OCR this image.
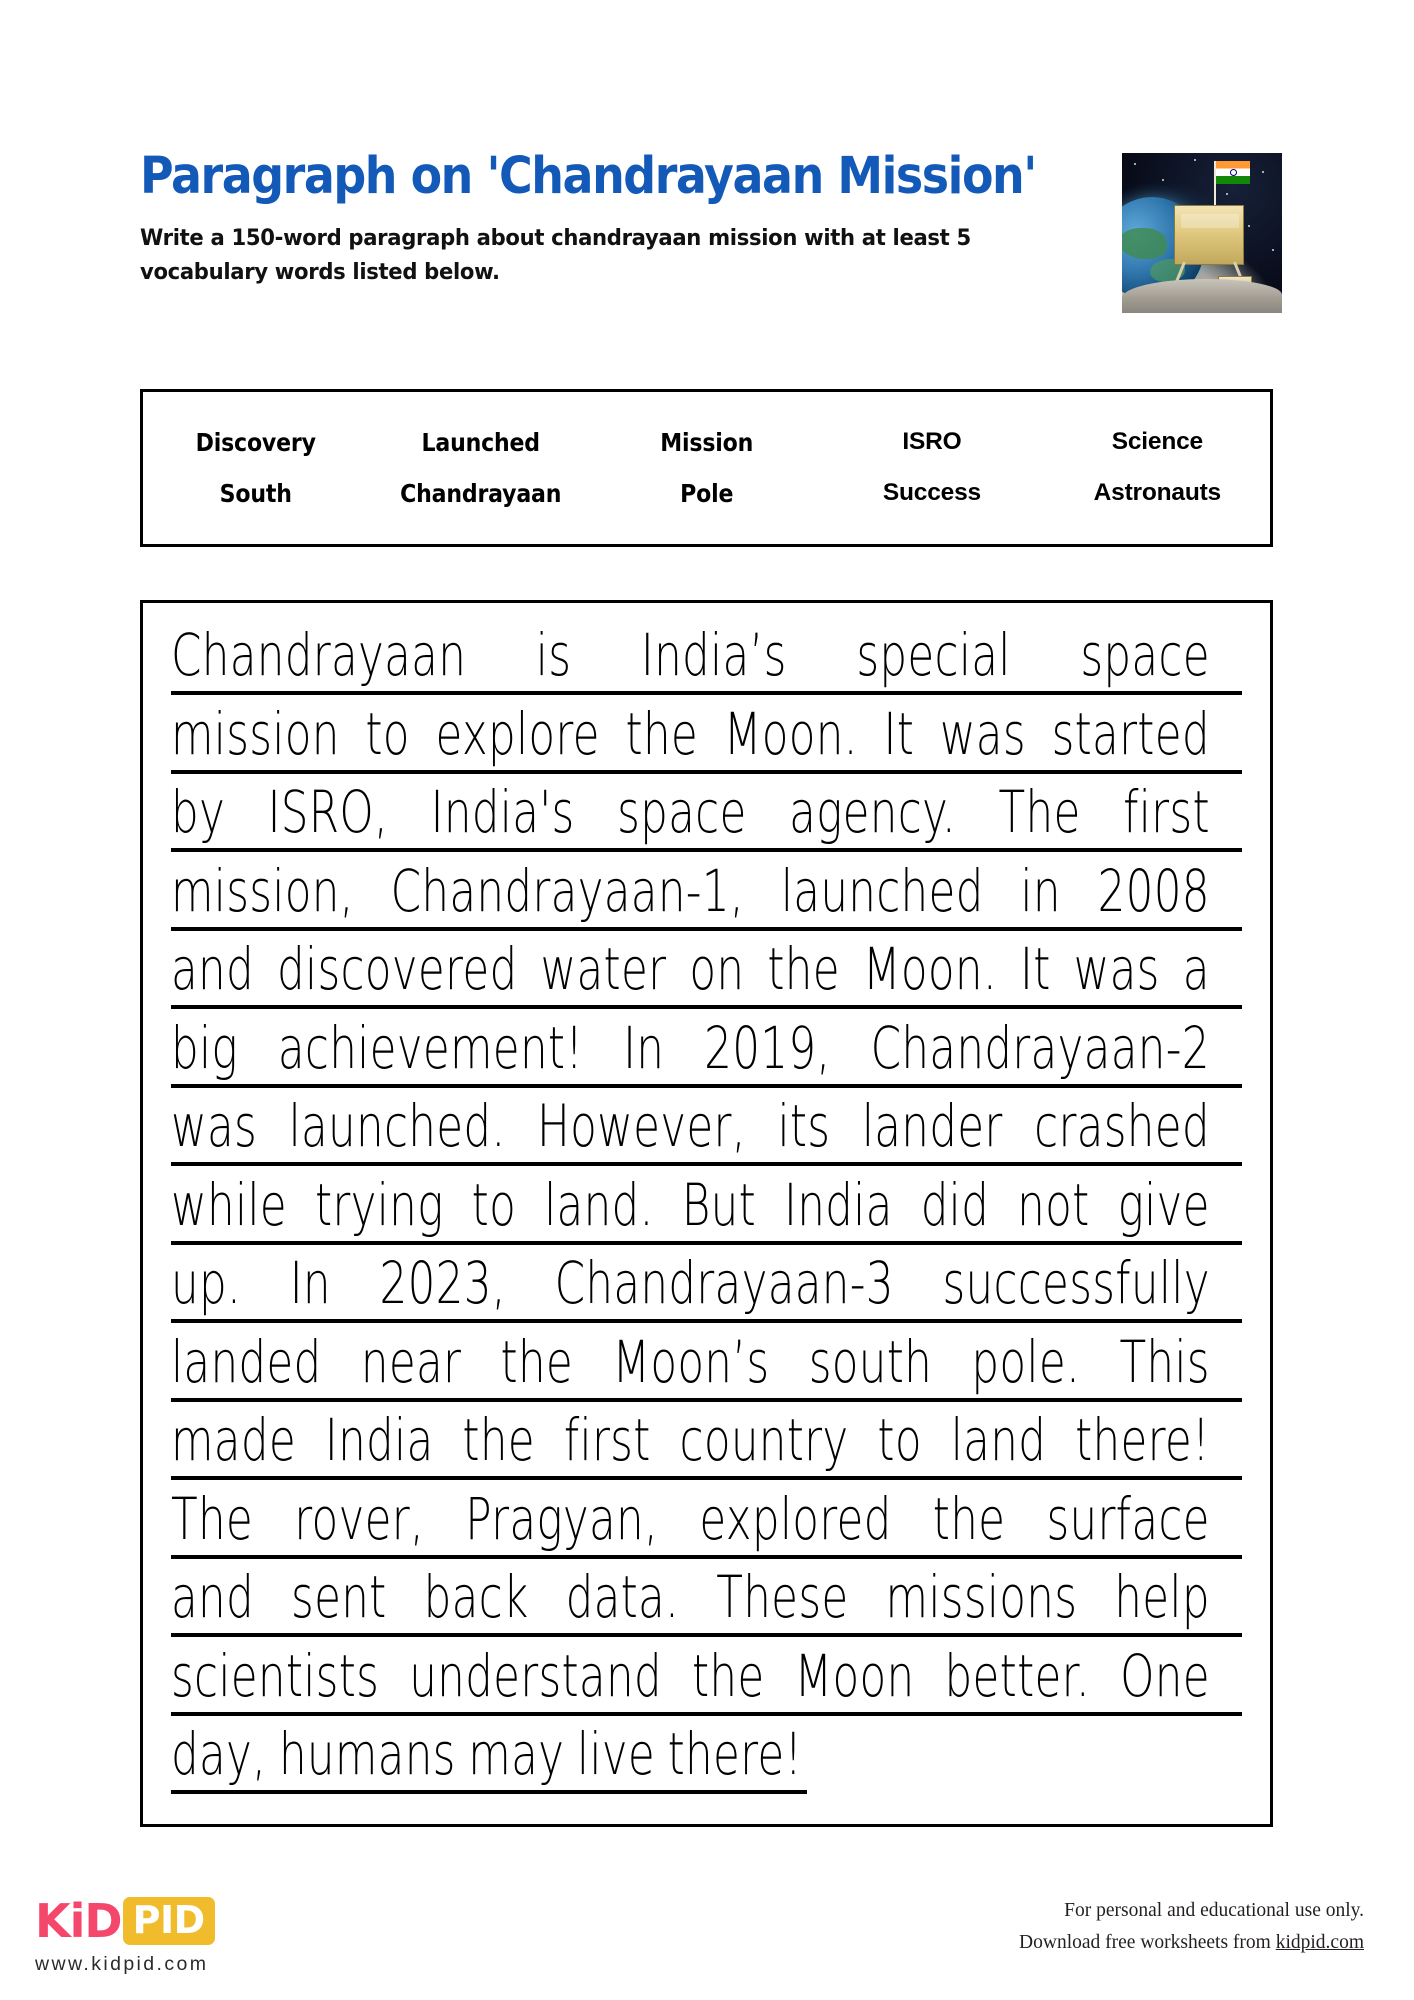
Paragraph on 'Chandrayaan Mission'
Write a 150-word paragraph about chandrayaan mission with at least 5 vocabulary words listed below.
Discovery	Launched	Mission	ISRO	Science
South	Chandrayaan	Pole	Success	Astronauts
Chandrayaan is India’s special space
mission to explore the Moon. It was started
by ISRO, India's space agency. The first
mission, Chandrayaan-1, launched in 2008
and discovered water on the Moon. It was a
big achievement! In 2019, Chandrayaan-2
was launched. However, its lander crashed
while trying to land. But India did not give
up. In 2023, Chandrayaan-3 successfully
landed near the Moon’s south pole. This
made India the first country to land there!
The rover, Pragyan, explored the surface
and sent back data. These missions help
scientists understand the Moon better. One
day, humans may live there!
KiD PID
www.kidpid.com
For personal and educational use only.
Download free worksheets from kidpid.com
